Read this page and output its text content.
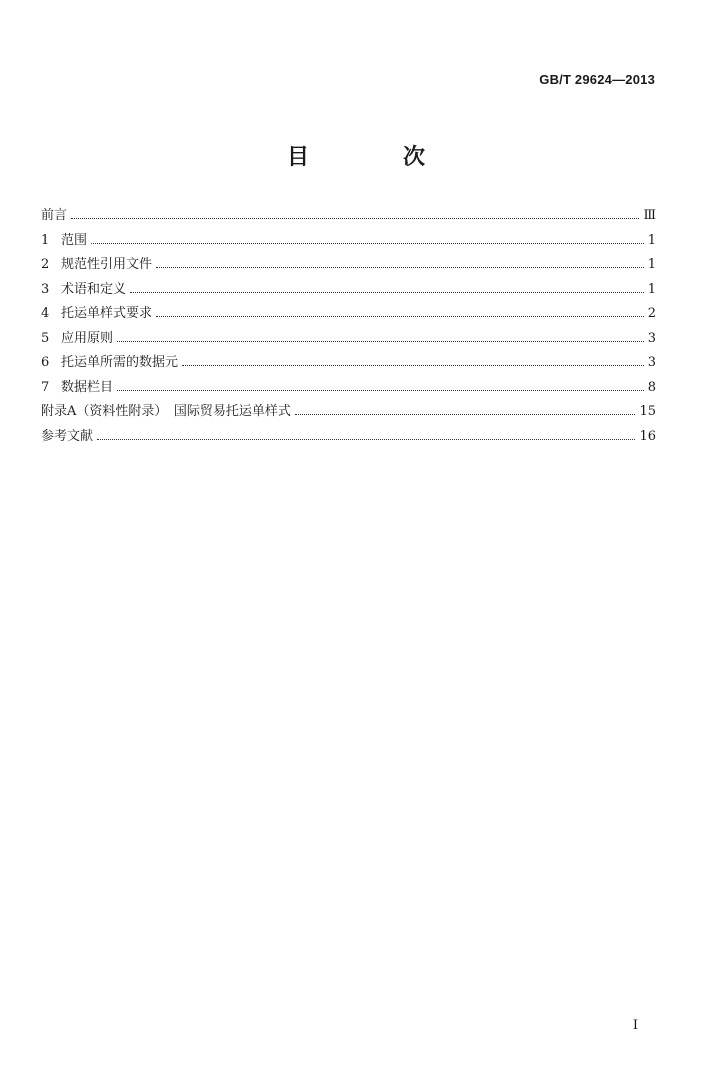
GB/T 29624—2013
目　次
前言	Ⅲ
1 范围	1
2 规范性引用文件	1
3 术语和定义	1
4 托运单样式要求	2
5 应用原则	3
6 托运单所需的数据元	3
7 数据栏目	8
附录A（资料性附录）　国际贸易托运单样式	15
参考文献	16
Ⅰ
